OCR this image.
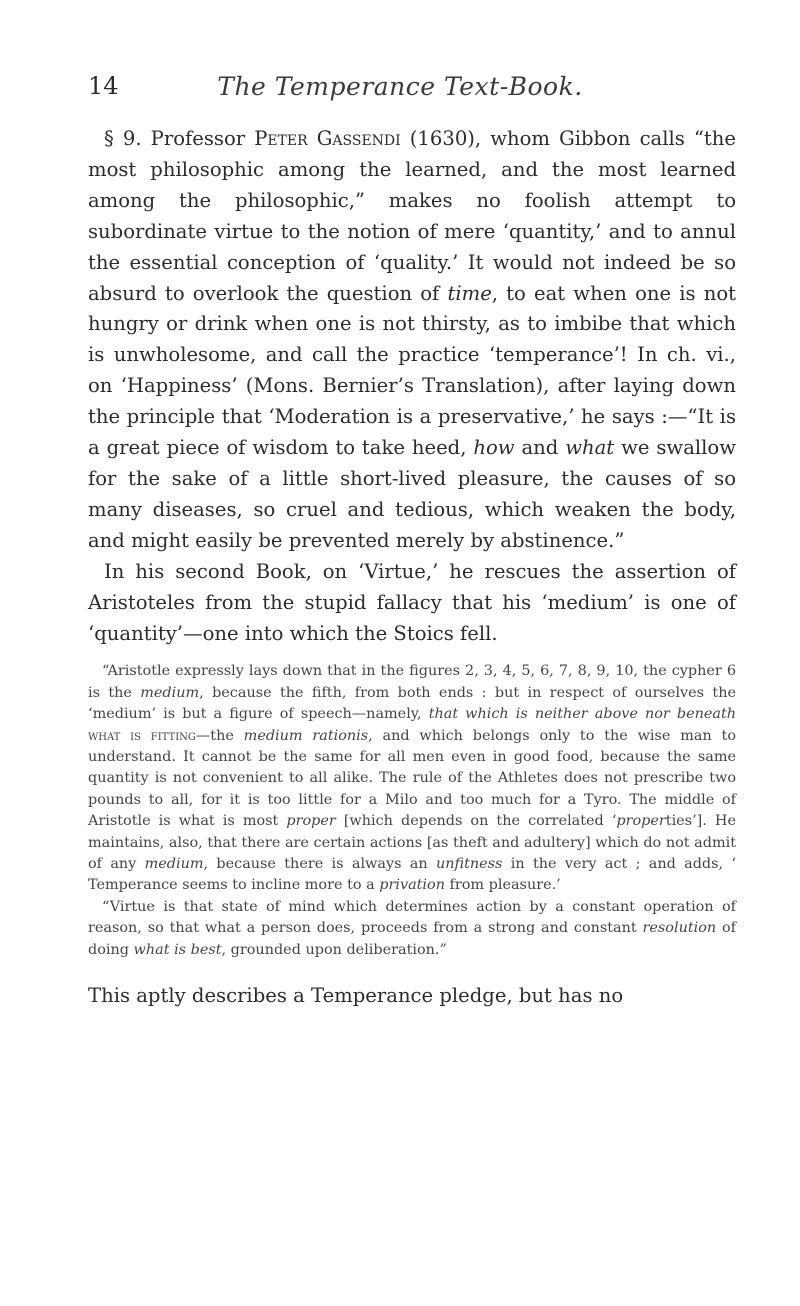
14	The Temperance Text-Book.

§ 9. Professor Peter Gassendi (1630), whom Gibbon calls “the most philosophic among the learned, and the most learned among the philosophic,” makes no foolish attempt to subordinate virtue to the notion of mere ‘quantity,’ and to annul the essential conception of ‘quality.’ It would not indeed be so absurd to overlook the question of time, to eat when one is not hungry or drink when one is not thirsty, as to imbibe that which is unwholesome, and call the practice ‘temperance’! In ch. vi., on ‘Happiness’ (Mons. Bernier’s Translation), after laying down the principle that ‘Moderation is a preservative,’ he says :—“It is a great piece of wisdom to take heed, how and what we swallow for the sake of a little short-lived pleasure, the causes of so many diseases, so cruel and tedious, which weaken the body, and might easily be prevented merely by abstinence.”

In his second Book, on ‘Virtue,’ he rescues the assertion of Aristoteles from the stupid fallacy that his ‘medium’ is one of ‘quantity’—one into which the Stoics fell.

“Aristotle expressly lays down that in the figures 2, 3, 4, 5, 6, 7, 8, 9, 10, the cypher 6 is the medium, because the fifth, from both ends : but in respect of ourselves the ‘medium’ is but a figure of speech—namely, that which is neither above nor beneath what is fitting—the medium rationis, and which belongs only to the wise man to understand. It cannot be the same for all men even in good food, because the same quantity is not convenient to all alike. The rule of the Athletes does not prescribe two pounds to all, for it is too little for a Milo and too much for a Tyro. The middle of Aristotle is what is most proper [which depends on the correlated ‘properties’]. He maintains, also, that there are certain actions [as theft and adultery] which do not admit of any medium, because there is always an unfitness in the very act ; and adds, ‘ Temperance seems to incline more to a privation from pleasure.’

“Virtue is that state of mind which determines action by a constant operation of reason, so that what a person does, proceeds from a strong and constant resolution of doing what is best, grounded upon deliberation.”

This aptly describes a Temperance pledge, but has no
